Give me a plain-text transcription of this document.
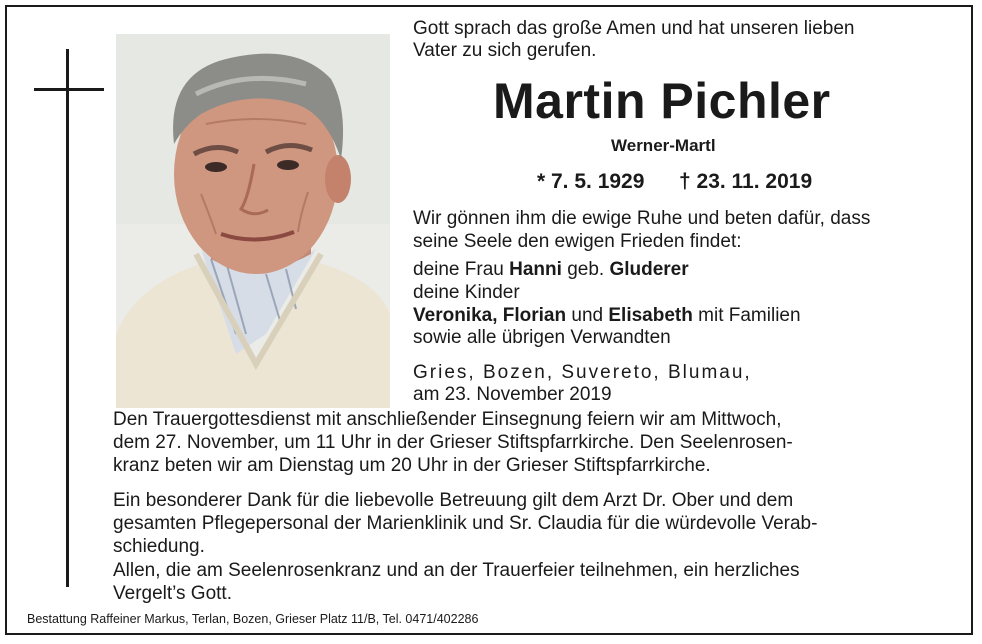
Gott sprach das große Amen und hat unseren lieben
Vater zu sich gerufen.
Martin Pichler
Werner-Martl
* 7. 5. 1929 † 23. 11. 2019
Wir gönnen ihm die ewige Ruhe und beten dafür, dass
seine Seele den ewigen Frieden findet:
deine Frau Hanni geb. Gluderer
deine Kinder
Veronika, Florian und Elisabeth mit Familien
sowie alle übrigen Verwandten
Gries, Bozen, Suvereto, Blumau,
am 23. November 2019
Den Trauergottesdienst mit anschließender Einsegnung feiern wir am Mittwoch,
dem 27. November, um 11 Uhr in der Grieser Stiftspfarrkirche. Den Seelenrosen-
kranz beten wir am Dienstag um 20 Uhr in der Grieser Stiftspfarrkirche.
Ein besonderer Dank für die liebevolle Betreuung gilt dem Arzt Dr. Ober und dem
gesamten Pflegepersonal der Marienklinik und Sr. Claudia für die würdevolle Verab-
schiedung.
Allen, die am Seelenrosenkranz und an der Trauerfeier teilnehmen, ein herzliches
Vergelt’s Gott.
Bestattung Raffeiner Markus, Terlan, Bozen, Grieser Platz 11/B, Tel. 0471/402286
